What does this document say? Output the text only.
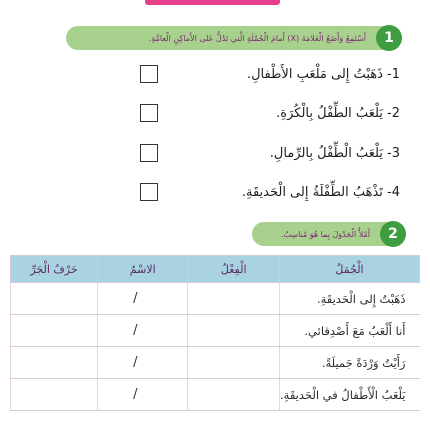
1
أَسْتَمِعُ وَأَضَعُ الْعَلامَةَ (X) أَمامَ الْجُمْلَةِ الَّتي تَدُلُّ عَلى الأَماكِنِ الْعامَّةِ.
1- ذَهَبْتُ إِلى مَلْعَبِ الأَطْفالِ.
2- يَلْعَبُ الطِّفْلُ بِالْكُرَةِ.
3- يَلْعَبُ الْطِّفْلُ بِالرِّمالِ.
4- تَذْهَبُ الطِّفْلَةُ إِلى الْحَديقَةِ.
2
أَمْلأُ الْجَدْوَلَ بِما هُوَ مُناسِبٌ.
الْجُمَلُ	الْفِعْلُ	الاسْمُ	حَرْفُ الْجَرِّ
ذَهَبْتُ إِلى الْحَديقَةِ.		/	
أَنا أَلْعَبُ مَعَ أَصْدِقائي.		/	
رَأَيْتُ وَرْدَةً جَميلَةً.		/	
يَلْعَبُ الْأَطْفالُ في الْحَديقَةِ.		/	
